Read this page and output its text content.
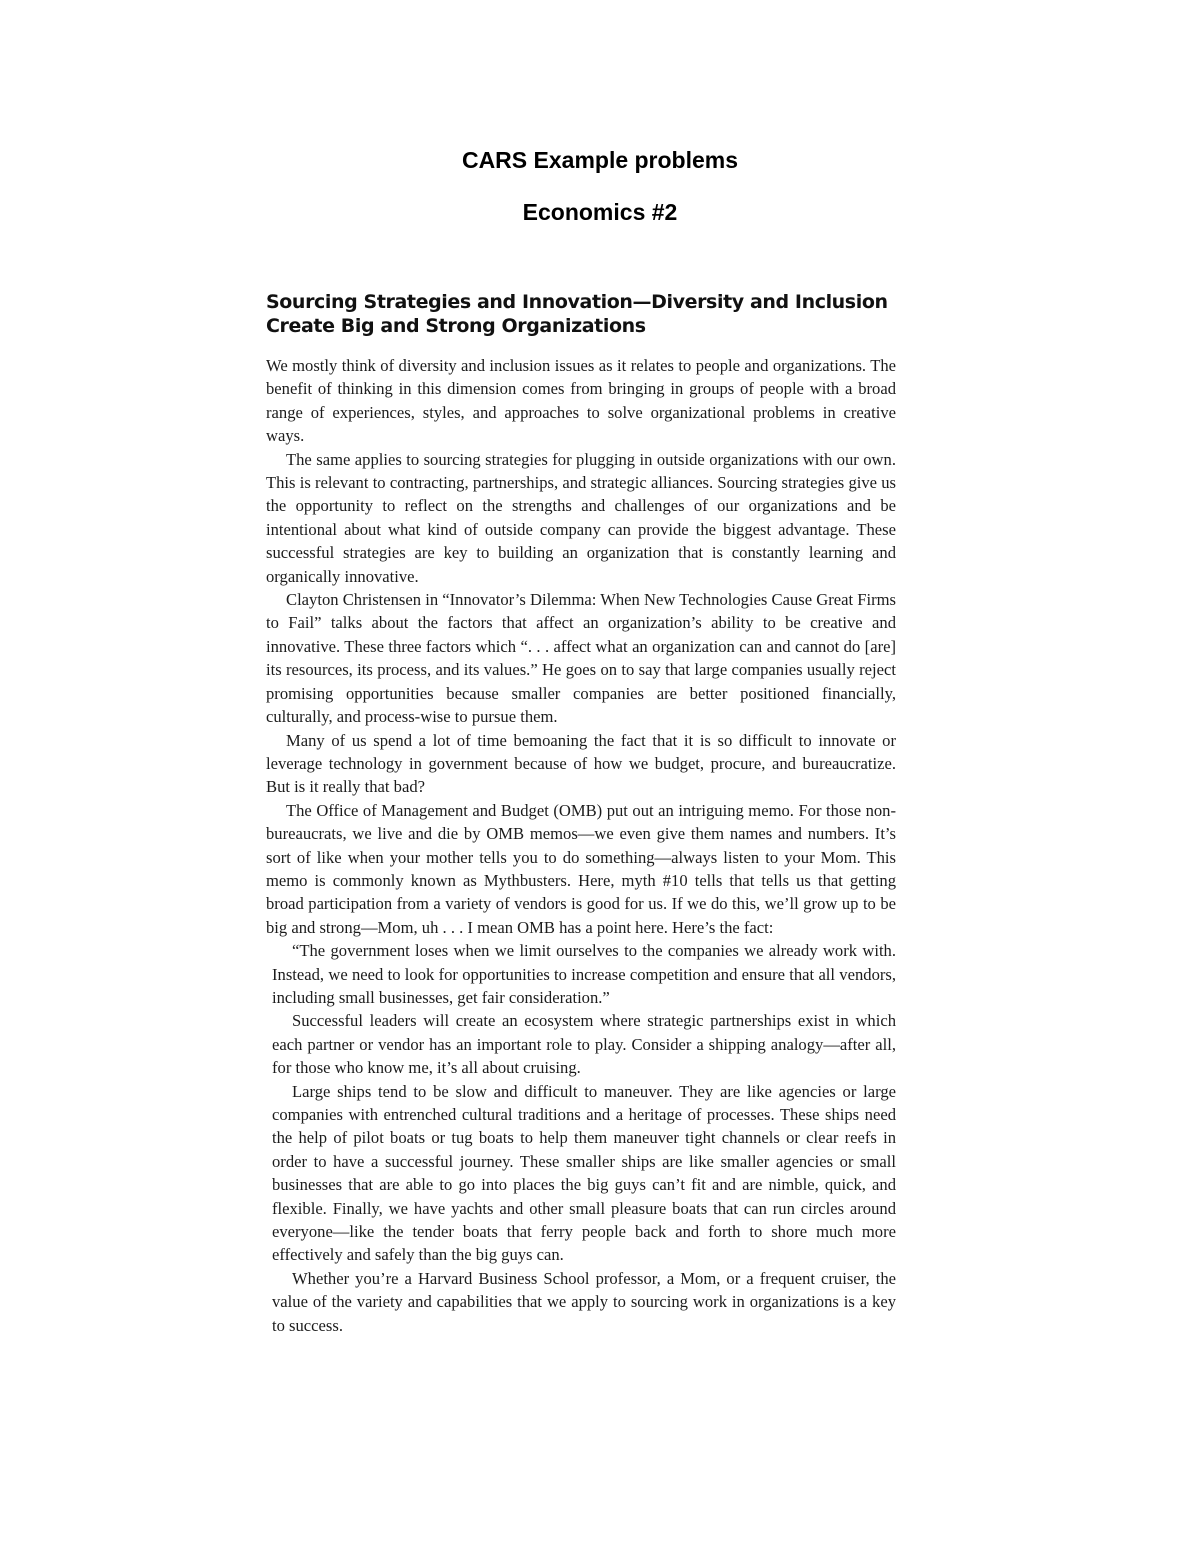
CARS Example problems
Economics #2
Sourcing Strategies and Innovation—Diversity and Inclusion Create Big and Strong Organizations

We mostly think of diversity and inclusion issues as it relates to people and organizations. The benefit of thinking in this dimension comes from bringing in groups of people with a broad range of experiences, styles, and approaches to solve organizational problems in creative ways.

The same applies to sourcing strategies for plugging in outside organizations with our own. This is relevant to contracting, partnerships, and strategic alliances. Sourcing strategies give us the opportunity to reflect on the strengths and challenges of our organizations and be intentional about what kind of outside company can provide the biggest advantage. These successful strategies are key to building an organization that is constantly learning and organically innovative.

Clayton Christensen in “Innovator’s Dilemma: When New Technologies Cause Great Firms to Fail” talks about the factors that affect an organization’s ability to be creative and innovative. These three factors which “. . . affect what an organization can and cannot do [are] its resources, its process, and its values.” He goes on to say that large companies usually reject promising opportunities because smaller companies are better positioned financially, culturally, and process-wise to pursue them.

Many of us spend a lot of time bemoaning the fact that it is so difficult to innovate or leverage technology in government because of how we budget, procure, and bureaucratize. But is it really that bad?

The Office of Management and Budget (OMB) put out an intriguing memo. For those non-bureaucrats, we live and die by OMB memos—we even give them names and numbers. It’s sort of like when your mother tells you to do something—always listen to your Mom. This memo is commonly known as Mythbusters. Here, myth #10 tells that tells us that getting broad participation from a variety of vendors is good for us. If we do this, we’ll grow up to be big and strong—Mom, uh . . . I mean OMB has a point here. Here’s the fact:

“The government loses when we limit ourselves to the companies we already work with. Instead, we need to look for opportunities to increase competition and ensure that all vendors, including small businesses, get fair consideration.”

Successful leaders will create an ecosystem where strategic partnerships exist in which each partner or vendor has an important role to play. Consider a shipping analogy—after all, for those who know me, it’s all about cruising.

Large ships tend to be slow and difficult to maneuver. They are like agencies or large companies with entrenched cultural traditions and a heritage of processes. These ships need the help of pilot boats or tug boats to help them maneuver tight channels or clear reefs in order to have a successful journey. These smaller ships are like smaller agencies or small businesses that are able to go into places the big guys can’t fit and are nimble, quick, and flexible. Finally, we have yachts and other small pleasure boats that can run circles around everyone—like the tender boats that ferry people back and forth to shore much more effectively and safely than the big guys can.

Whether you’re a Harvard Business School professor, a Mom, or a frequent cruiser, the value of the variety and capabilities that we apply to sourcing work in organizations is a key to success.
